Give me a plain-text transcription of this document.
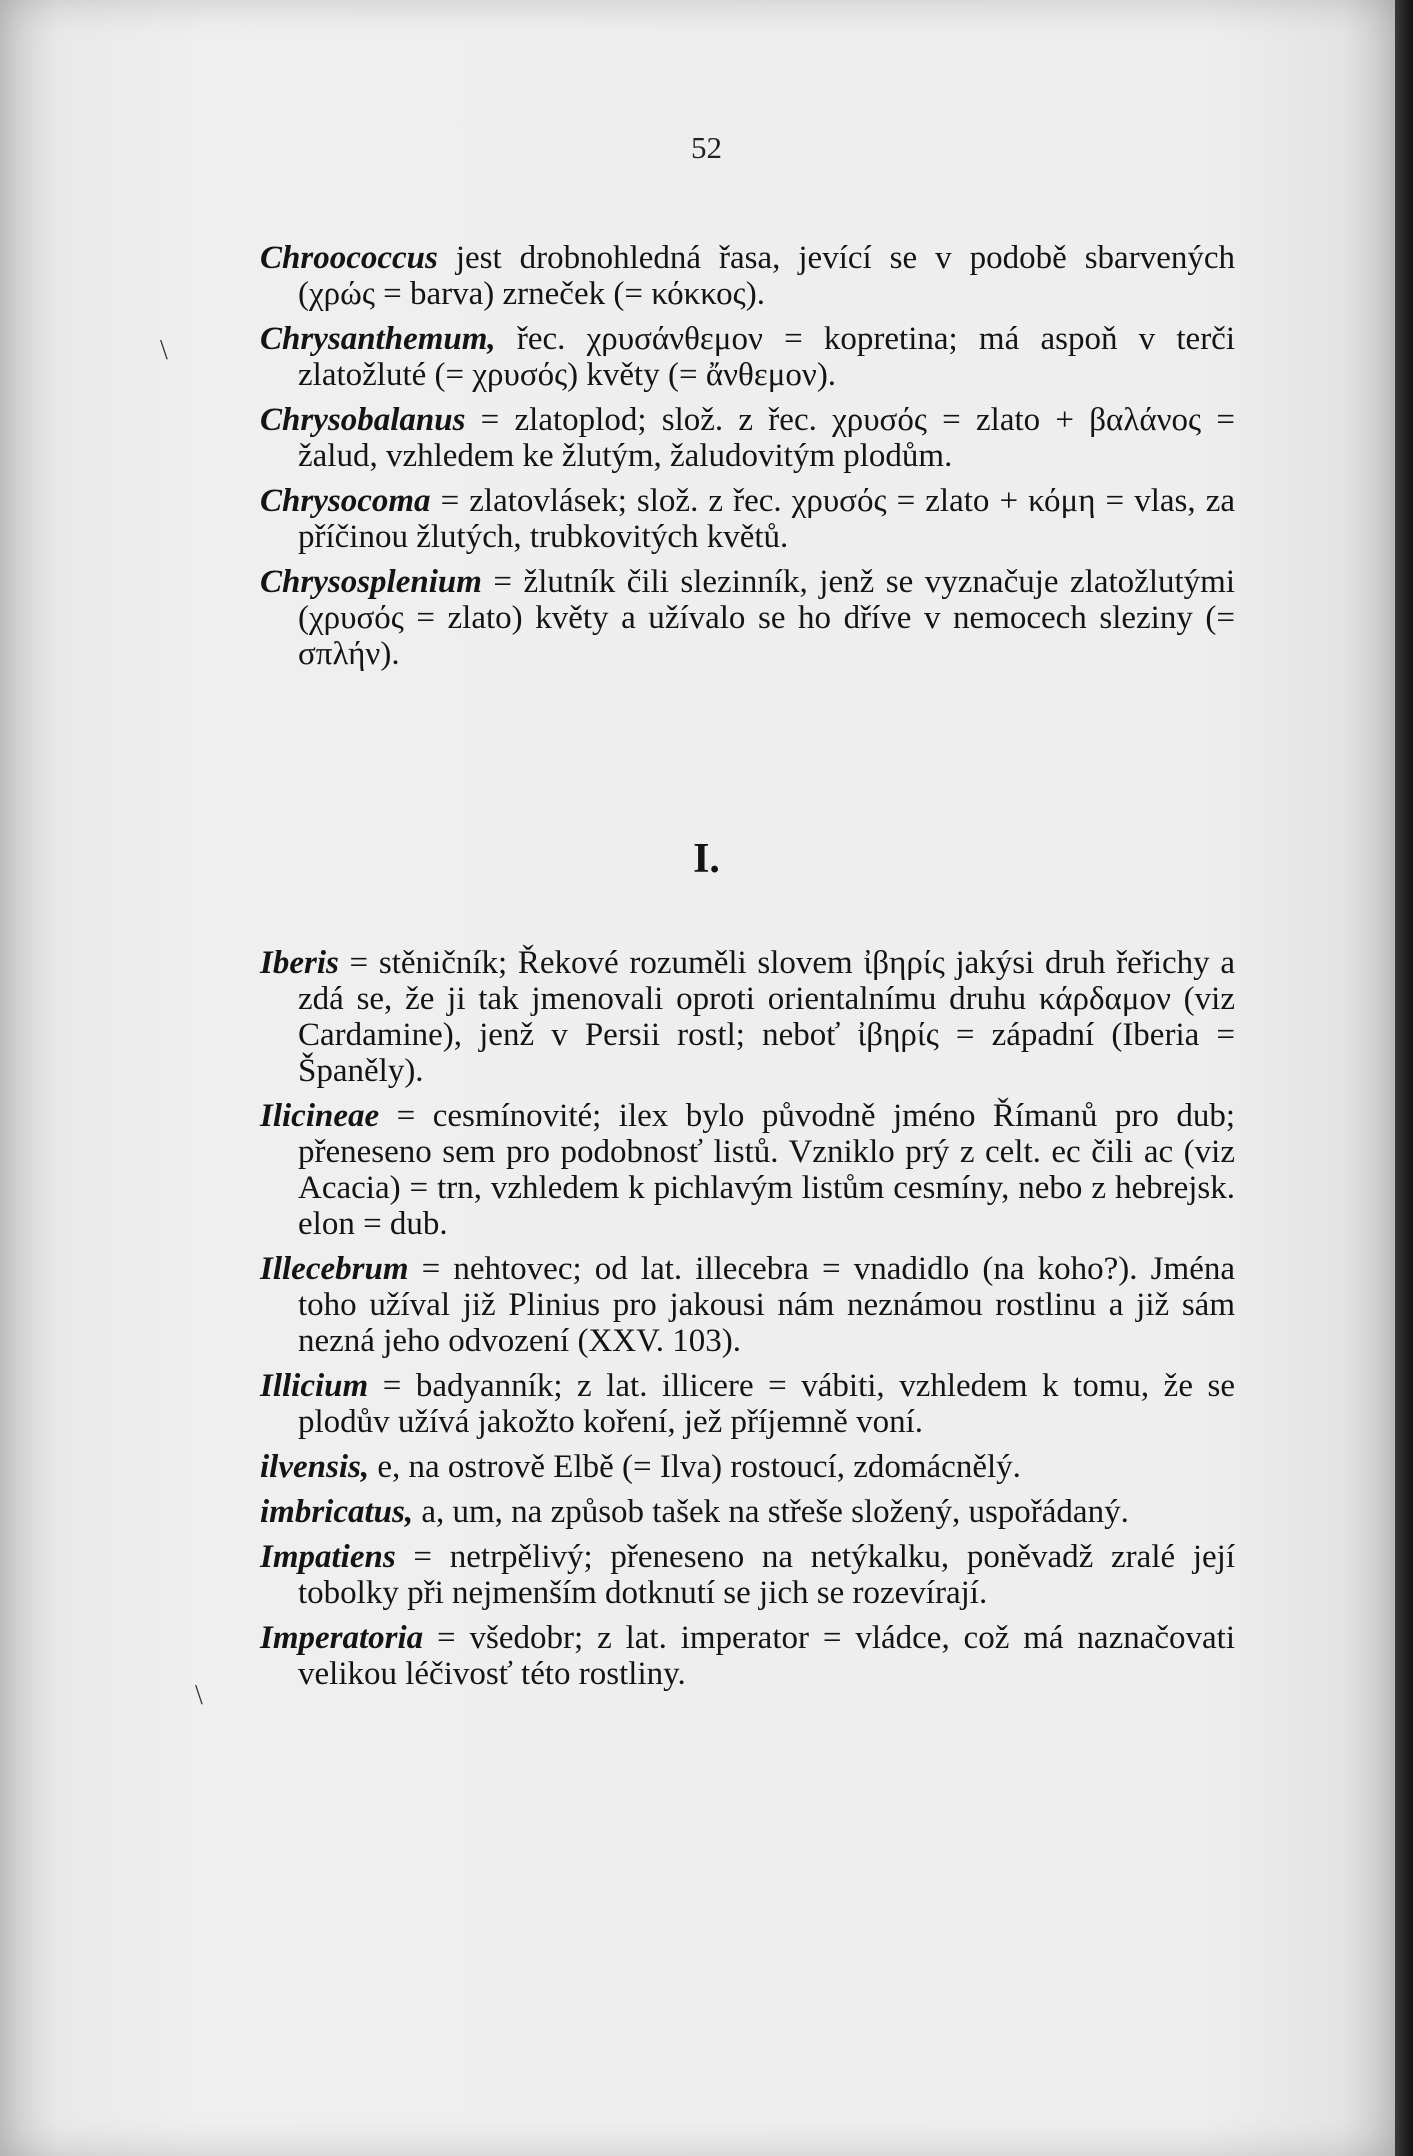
52
\
\

Chroococcus jest drobnohledná řasa, jevící se v podobě sbarvených (χρώς = barva) zrneček (= κόκκος).

Chrysanthemum, řec. χρυσάνθεμον = kopretina; má aspoň v terči zlatožluté (= χρυσός) květy (= ἄνθεμον).

Chrysobalanus = zlatoplod; slož. z řec. χρυσός = zlato + βαλάνος = žalud, vzhledem ke žlutým, žaludovitým plodům.

Chrysocoma = zlatovlásek; slož. z řec. χρυσός = zlato + κόμη = vlas, za příčinou žlutých, trubkovitých květů.

Chrysosplenium = žlutník čili slezinník, jenž se vyznačuje zlatožlutými (χρυσός = zlato) květy a užívalo se ho dříve v nemocech sleziny (= σπλήν).

I.

Iberis = stěničník; Řekové rozuměli slovem ἰβηρίς jakýsi druh řeřichy a zdá se, že ji tak jmenovali oproti orientalnímu druhu κάρδαμον (viz Cardamine), jenž v Persii rostl; neboť ἰβηρίς = západní (Iberia = Španěly).

Ilicineae = cesmínovité; ilex bylo původně jméno Římanů pro dub; přeneseno sem pro podobnosť listů. Vzniklo prý z celt. ec čili ac (viz Acacia) = trn, vzhledem k pichlavým listům cesmíny, nebo z hebrejsk. elon = dub.

Illecebrum = nehtovec; od lat. illecebra = vnadidlo (na koho?). Jména toho užíval již Plinius pro jakousi nám neznámou rostlinu a již sám nezná jeho odvození (XXV. 103).

Illicium = badyanník; z lat. illicere = vábiti, vzhledem k tomu, že se plodův užívá jakožto koření, jež příjemně voní.

ilvensis, e, na ostrově Elbě (= Ilva) rostoucí, zdomácnělý.

imbricatus, a, um, na způsob tašek na střeše složený, uspořádaný.

Impatiens = netrpělivý; přeneseno na netýkalku, poněvadž zralé její tobolky při nejmenším dotknutí se jich se rozevírají.

Imperatoria = všedobr; z lat. imperator = vládce, což má naznačovati velikou léčivosť této rostliny.
